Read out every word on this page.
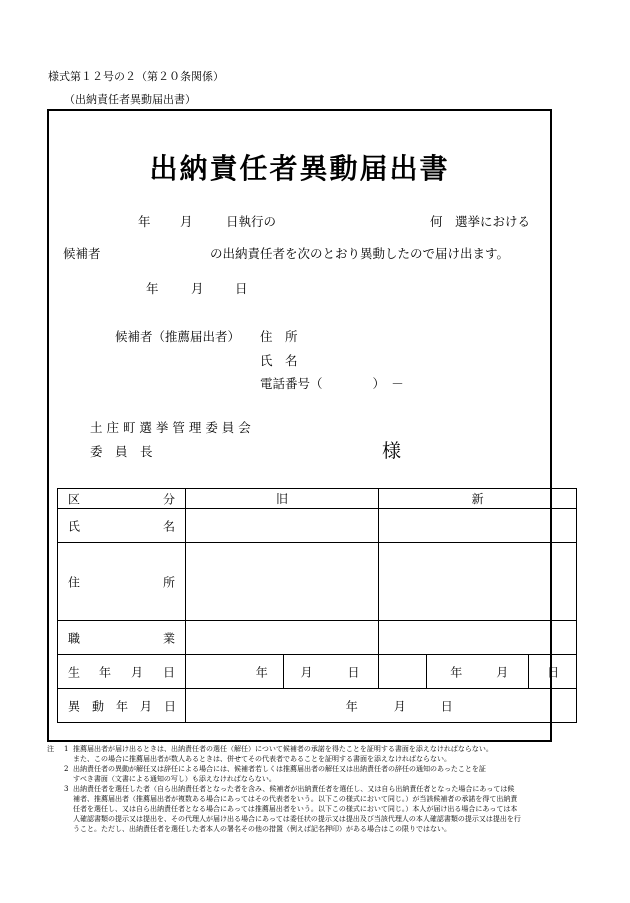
様式第１２号の２（第２０条関係）
（出納責任者異動届出書）
出納責任者異動届出書
年 月	日執行の	何　選挙における
候補者	の出納責任者を次のとおり異動したので届け出ます。
年	月	日
候補者（推薦届出者） 住　所
氏　名
電話番号（　　　　）　－
土 庄 町 選 挙 管 理 委 員 会
委　員　長	様
区 分	旧		新		

氏 名					

住 所					

職 業					

生 年 月 日	年	月 日		年 月	日

異 動 年 月 日	年 月 日				
注 1 推薦届出者が届け出るときは、出納責任者の選任（解任）について候補者の承諾を得たことを証明する書面を添えなければならない。
また、この場合に推薦届出者が数人あるときは、併せてその代表者であることを証明する書面を添えなければならない。
2 出納責任者の異動が解任又は辞任による場合には、候補者若しくは推薦届出者の解任又は出納責任者の辞任の通知のあったことを証
すべき書面（文書による通知の写し）も添えなければならない。
3 出納責任者を選任した者（自ら出納責任者となった者を含み、候補者が出納責任者を選任し、又は自ら出納責任者となった場合にあっては候
補者、推薦届出者（推薦届出者が複数ある場合にあってはその代表者をいう。以下この様式において同じ。）が当該候補者の承諾を得て出納責
任者を選任し、又は自ら出納責任者となる場合にあっては推薦届出者をいう。以下この様式において同じ。）本人が届け出る場合にあっては本
人確認書類の提示又は提出を、その代理人が届け出る場合にあっては委任状の提示又は提出及び当該代理人の本人確認書類の提示又は提出を行
うこと。ただし、出納責任者を選任した者本人の署名その他の措置（例えば記名押印）がある場合はこの限りではない。
